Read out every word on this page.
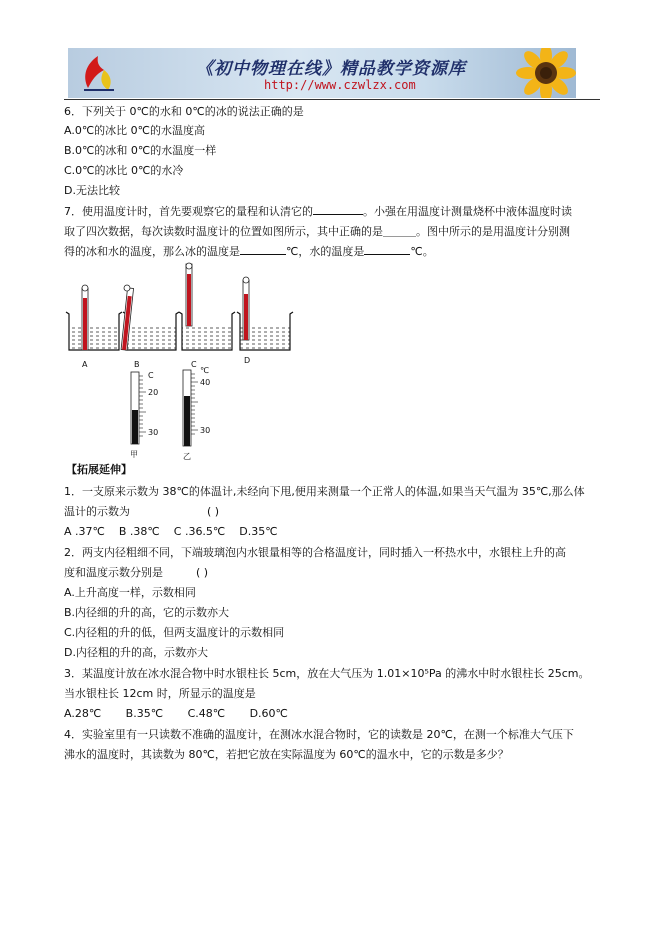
《初中物理在线》精品教学资源库
http://www.czwlzx.com
6．下列关于 0℃的水和 0℃的冰的说法正确的是
A.0℃的冰比 0℃的水温度高
B.0℃的冰和 0℃的水温度一样
C.0℃的冰比 0℃的水冷
D.无法比较
7．使用温度计时，首先要观察它的量程和认清它的	。小强在用温度计测量烧杯中液体温度时读
取了四次数据，每次读数时温度计的位置如图所示，其中正确的是＿＿＿。图中所示的是用温度计分别测
得的冰和水的温度，那么冰的温度是	℃，水的温度是	℃。
A	B	C	D
C
20
30
甲
℃
40
30
乙
【拓展延伸】
1．一支原来示数为 38℃的体温计,未经向下甩,便用来测量一个正常人的体温,如果当天气温为 35℃,那么体
温计的示数为	( )
A .37℃ B .38℃ C .36.5℃ D.35℃
2．两支内径粗细不同，下端玻璃泡内水银量相等的合格温度计，同时插入一杯热水中，水银柱上升的高
度和温度示数分别是	( )
A.上升高度一样，示数相同
B.内径细的升的高，它的示数亦大
C.内径粗的升的低，但两支温度计的示数相同
D.内径粗的升的高，示数亦大
3．某温度计放在冰水混合物中时水银柱长 5cm，放在大气压为 1.01×10⁵Pa 的沸水中时水银柱长 25cm。
当水银柱长 12cm 时，所显示的温度是
A.28℃ B.35℃ C.48℃ D.60℃
4．实验室里有一只读数不准确的温度计，在测冰水混合物时，它的读数是 20℃，在测一个标准大气压下
沸水的温度时，其读数为 80℃，若把它放在实际温度为 60℃的温水中，它的示数是多少？
